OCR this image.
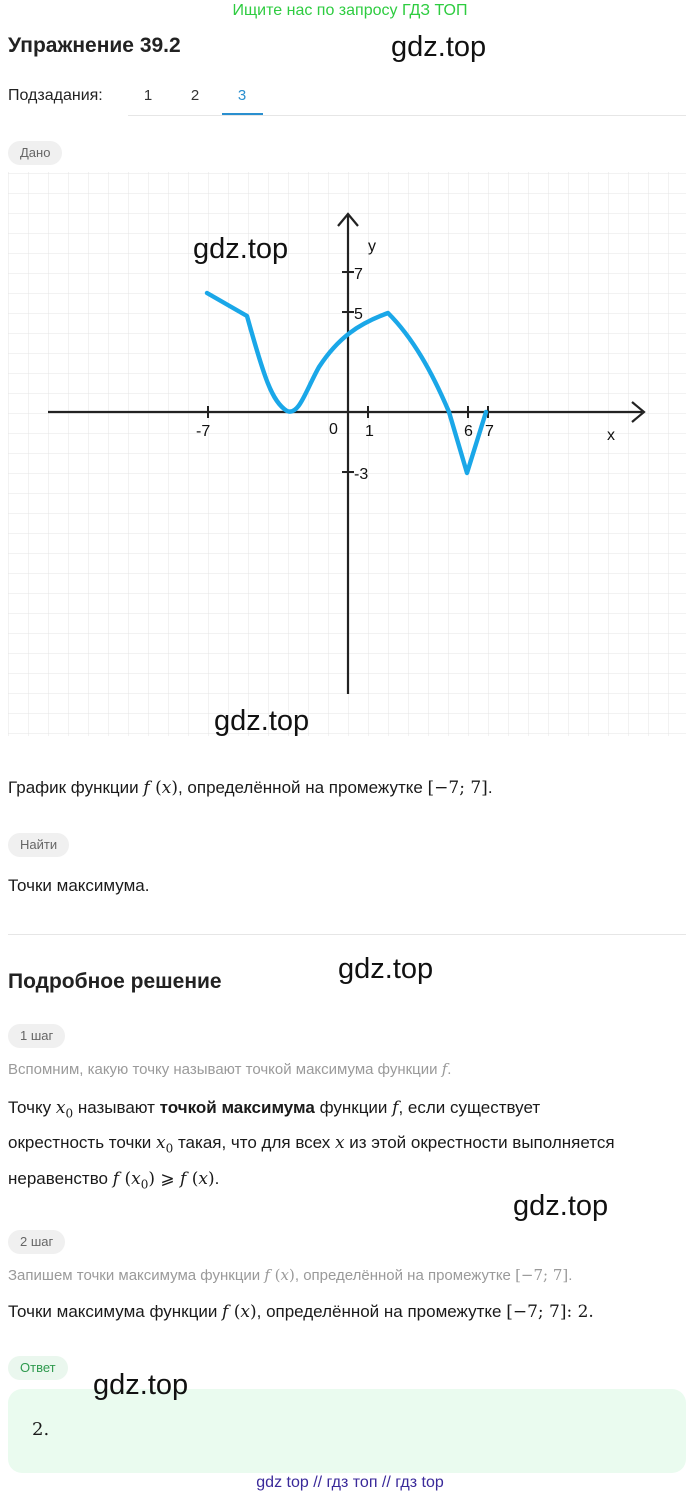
Ищите нас по запросу ГДЗ ТОП
Упражнение 39.2	gdz.top
Подзадания:	1	2	3
Дано
-7	0 1	6 7
7
5
-3
x
y
gdz.top
gdz.top
График функции f (x), определённой на промежутке [−7; 7].
Найти
Точки максимума.
Подробное решение	gdz.top
1 шаг
Вспомним, какую точку называют точкой максимума функции f.
Точку $x_0$ называют точкой максимума функции f, если существует
окрестность точки $x_0$ такая, что для всех x из этой окрестности выполняется
неравенство f $(x_0)$ ⩾ f (x).
gdz.top
2 шаг
Запишем точки максимума функции f (x), определённой на промежутке [−7; 7].
Точки максимума функции f (x), определённой на промежутке [−7; 7]: 2.
Ответ
2.
gdz.top
gdz top // гдз топ // гдз top
